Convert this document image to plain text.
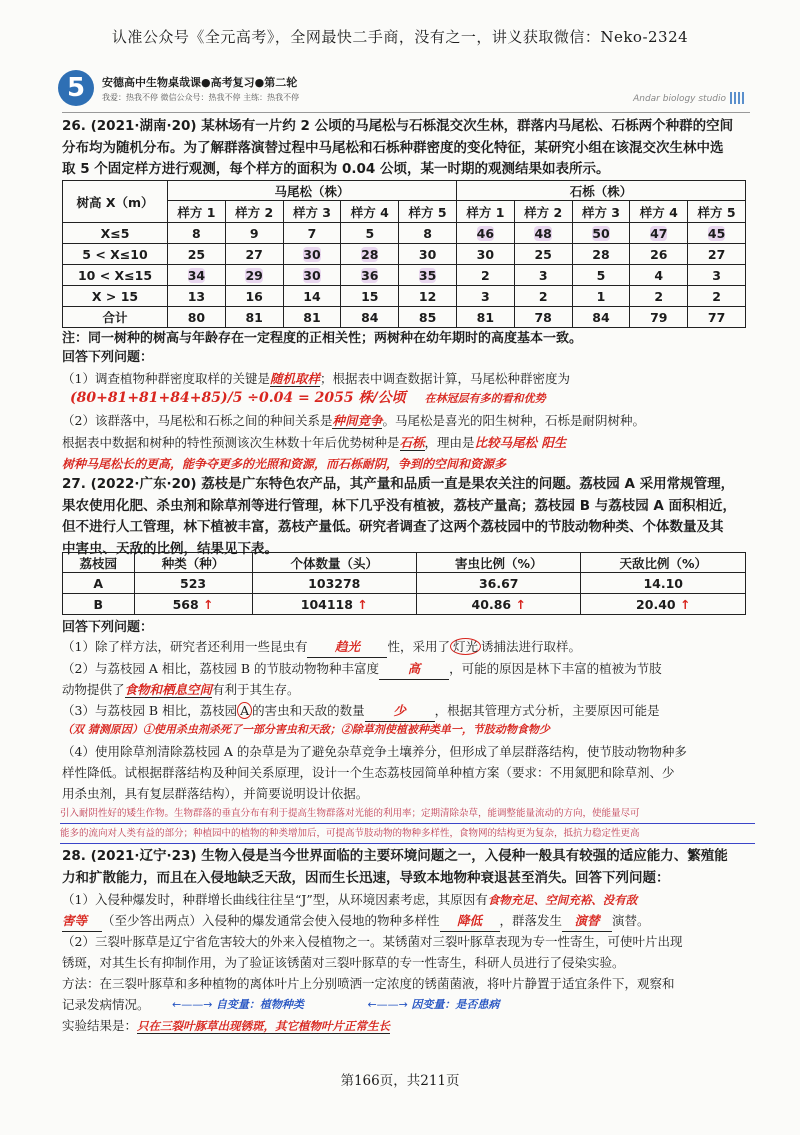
认准公众号《全元高考》，全网最快二手商，没有之一，讲义获取微信：Neko-2324
5	安德高中生物桌哉课●高考复习●第二轮
我爱：热我不停 微信公众号：热我不停 主练：热我不停	Andar biology studio
26. (2021·湖南·20) 某林场有一片约 2 公顷的马尾松与石栎混交次生林，群落内马尾松、石栎两个种群的空间
分布均为随机分布。为了解群落演替过程中马尾松和石栎种群密度的变化特征，某研究小组在该混交次生林中选
取 5 个固定样方进行观测，每个样方的面积为 0.04 公顷，某一时期的观测结果如表所示。
树高 X（m）	马尾松（株）					石栎（株）				
	样方 1	样方 2	样方 3	样方 4	样方 5	样方 1	样方 2	样方 3	样方 4	样方 5
X≤5	8	9	7	5	8	46	48	50	47	45
5 < X≤10	25	27	30	28	30	30	25	28	26	27
10 < X≤15	34	29	30	36	35	2	3	5	4	3
X > 15	13	16	14	15	12	3	2	1	2	2
合计	80	81	81	84	85	81	78	84	79	77
注：同一树种的树高与年龄存在一定程度的正相关性；两树种在幼年期时的高度基本一致。
回答下列问题：
（1）调查植物种群密度取样的关键是随机取样；根据表中调查数据计算，马尾松种群密度为
(80+81+81+84+85)/5 ÷0.04 = 2055 株/公顷 在林冠层有多的看和优势
（2）该群落中，马尾松和石栎之间的种间关系是种间竞争。马尾松是喜光的阳生树种，石栎是耐阴树种。
根据表中数据和树种的特性预测该次生林数十年后优势树种是石栎，理由是比较马尾松 阳生
树种马尾松长的更高，能争夺更多的光照和资源，而石栎耐阴，争到的空间和资源多
27. (2022·广东·20) 荔枝是广东特色农产品，其产量和品质一直是果农关注的问题。荔枝园 A 采用常规管理，
果农使用化肥、杀虫剂和除草剂等进行管理，林下几乎没有植被，荔枝产量高；荔枝园 B 与荔枝园 A 面积相近，
但不进行人工管理，林下植被丰富，荔枝产量低。研究者调查了这两个荔枝园中的节肢动物种类、个体数量及其
中害虫、天敌的比例，结果见下表。
荔枝园	种类（种）	个体数量（头）	害虫比例（%）	天敌比例（%）
A	523	103278	36.67	14.10
B	568 ↑	104118 ↑	40.86 ↑	20.40 ↑
回答下列问题：
（1）除了样方法，研究者还利用一些昆虫有 趋光 性，采用了 灯光 诱捕法进行取样。
（2）与荔枝园 A 相比，荔枝园 B 的节肢动物物种丰富度 高 ，可能的原因是林下丰富的植被为节肢
动物提供了食物和栖息空间有利于其生存。
（3）与荔枝园 B 相比，荔枝园 A 的害虫和天敌的数量 少 ，根据其管理方式分析，主要原因可能是
（双 猜测原因）①使用杀虫剂杀死了一部分害虫和天敌；②除草剂使植被种类单一，节肢动物食物少
（4）使用除草剂清除荔枝园 A 的杂草是为了避免杂草竞争土壤养分，但形成了单层群落结构，使节肢动物物种多
样性降低。试根据群落结构及种间关系原理，设计一个生态荔枝园简单种植方案（要求：不用氮肥和除草剂、少
用杀虫剂，具有复层群落结构），并简要说明设计依据。
引入耐阴性好的矮生作物。生物群落的垂直分布有利于提高生物群落对光能的利用率；定期清除杂草，能调整能量流动的方向，使能量尽可
能多的流向对人类有益的部分；种植园中的植物的种类增加后，可提高节肢动物的物种多样性，食物网的结构更为复杂，抵抗力稳定性更高
28. (2021·辽宁·23) 生物入侵是当今世界面临的主要环境问题之一，入侵种一般具有较强的适应能力、繁殖能
力和扩散能力，而且在入侵地缺乏天敌，因而生长迅速，导致本地物种衰退甚至消失。回答下列问题：
（1）入侵种爆发时，种群增长曲线往往呈“J”型，从环境因素考虑，其原因有食物充足、空间充裕、没有敌
害等 （至少答出两点）入侵种的爆发通常会使入侵地的物种多样性 降低 ，群落发生 演替 演替。
（2）三裂叶豚草是辽宁省危害较大的外来入侵植物之一。某锈菌对三裂叶豚草表现为专一性寄生，可使叶片出现
锈斑，对其生长有抑制作用，为了验证该锈菌对三裂叶豚草的专一性寄生，科研人员进行了侵染实验。
方法：在三裂叶豚草和多种植物的离体叶片上分别喷洒一定浓度的锈菌菌液，将叶片静置于适宜条件下，观察和
记录发病情况。	←——→ 自变量：植物种类	←——→ 因变量：是否患病
实验结果是：只在三裂叶豚草出现锈斑，其它植物叶片正常生长
第166页，共211页
